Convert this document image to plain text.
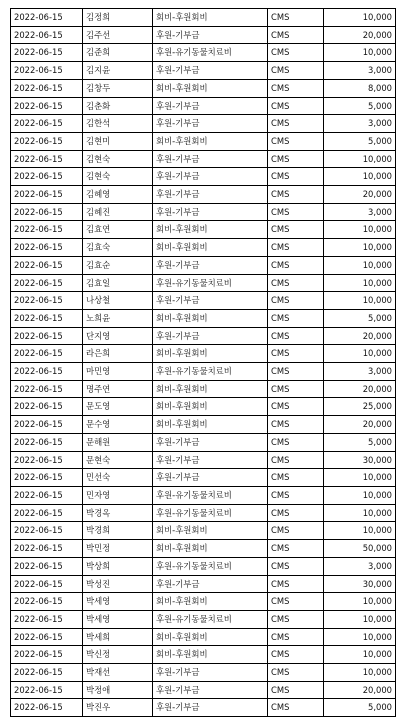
2022-06-15	김정희	회비-후원회비	CMS	10,000
2022-06-15	김주선	후원-기부금	CMS	20,000
2022-06-15	김준희	후원-유기동물치료비	CMS	10,000
2022-06-15	김지윤	후원-기부금	CMS	3,000
2022-06-15	김창두	회비-후원회비	CMS	8,000
2022-06-15	김춘화	후원-기부금	CMS	5,000
2022-06-15	김한석	후원-기부금	CMS	3,000
2022-06-15	김현미	회비-후원회비	CMS	5,000
2022-06-15	김현숙	후원-기부금	CMS	10,000
2022-06-15	김현숙	후원-기부금	CMS	10,000
2022-06-15	김혜영	후원-기부금	CMS	20,000
2022-06-15	김혜진	후원-기부금	CMS	3,000
2022-06-15	김효연	회비-후원회비	CMS	10,000
2022-06-15	김효숙	회비-후원회비	CMS	10,000
2022-06-15	김효순	후원-기부금	CMS	10,000
2022-06-15	김효일	후원-유기동물치료비	CMS	10,000
2022-06-15	나상철	후원-기부금	CMS	10,000
2022-06-15	노희윤	회비-후원회비	CMS	5,000
2022-06-15	단지영	후원-기부금	CMS	20,000
2022-06-15	라은희	회비-후원회비	CMS	10,000
2022-06-15	마민영	후원-유기동물치료비	CMS	3,000
2022-06-15	명주연	회비-후원회비	CMS	20,000
2022-06-15	문도영	회비-후원회비	CMS	25,000
2022-06-15	문수영	회비-후원회비	CMS	20,000
2022-06-15	문해원	후원-기부금	CMS	5,000
2022-06-15	문현숙	후원-기부금	CMS	30,000
2022-06-15	민선숙	후원-기부금	CMS	10,000
2022-06-15	민자영	후원-유기동물치료비	CMS	10,000
2022-06-15	박경옥	후원-유기동물치료비	CMS	10,000
2022-06-15	박경희	회비-후원회비	CMS	10,000
2022-06-15	박민정	회비-후원회비	CMS	50,000
2022-06-15	박상희	후원-유기동물치료비	CMS	3,000
2022-06-15	박성진	후원-기부금	CMS	30,000
2022-06-15	박세영	회비-후원회비	CMS	10,000
2022-06-15	박세영	후원-유기동물치료비	CMS	10,000
2022-06-15	박세희	회비-후원회비	CMS	10,000
2022-06-15	박신정	회비-후원회비	CMS	10,000
2022-06-15	박재선	후원-기부금	CMS	10,000
2022-06-15	박정애	후원-기부금	CMS	20,000
2022-06-15	박진우	후원-기부금	CMS	5,000
